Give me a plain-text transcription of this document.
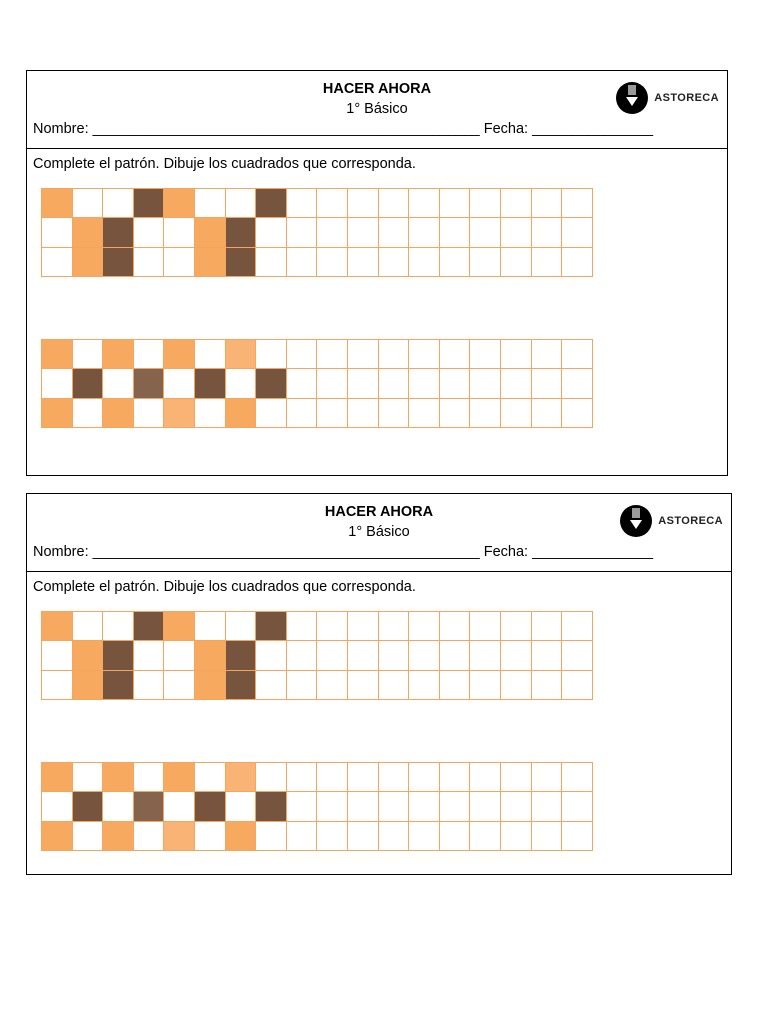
HACER AHORA
1° Básico
Nombre: ________________________________________________ Fecha: _______________
ASTORECA
Complete el patrón. Dibuje los cuadrados que corresponda.
HACER AHORA
1° Básico
Nombre: ________________________________________________ Fecha: _______________
ASTORECA
Complete el patrón. Dibuje los cuadrados que corresponda.
